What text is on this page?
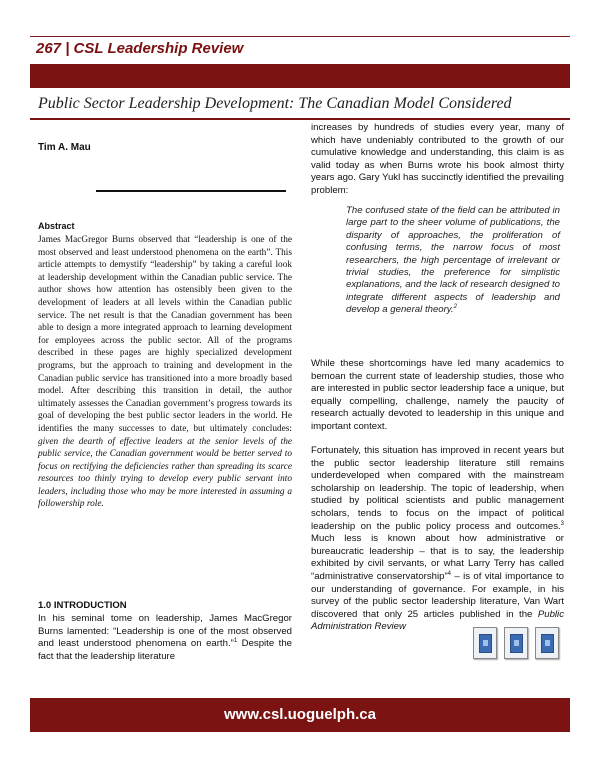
267 | CSL Leadership Review
Public Sector Leadership Development: The Canadian Model Considered
Tim A. Mau
Abstract
James MacGregor Burns observed that “leadership is one of the most observed and least understood phenomena on the earth”. This article attempts to demystify “leadership” by taking a careful look at leadership development within the Canadian public service. The author shows how attention has ostensibly been given to the development of leaders at all levels within the Canadian public service. The net result is that the Canadian government has been able to design a more integrated approach to learning development for employees across the public sector. All of the programs described in these pages are highly specialized development programs, but the approach to training and development in the Canadian public service has transitioned into a more broadly based model. After describing this transition in detail, the author ultimately assesses the Canadian government’s progress towards its goal of developing the best public sector leaders in the world. He identifies the many successes to date, but ultimately concludes: given the dearth of effective leaders at the senior levels of the public service, the Canadian government would be better served to focus on rectifying the deficiencies rather than spreading its scarce resources too thinly trying to develop every public servant into leaders, including those who may be more interested in assuming a followership role.
1.0 INTRODUCTION
In his seminal tome on leadership, James MacGregor Burns lamented: “Leadership is one of the most observed and least understood phenomena on earth.”$^1$ Despite the fact that the leadership literature
increases by hundreds of studies every year, many of which have undeniably contributed to the growth of our cumulative knowledge and understanding, this claim is as valid today as when Burns wrote his book almost thirty years ago. Gary Yukl has succinctly identified the prevailing problem:
The confused state of the field can be attributed in large part to the sheer volume of publications, the disparity of approaches, the proliferation of confusing terms, the narrow focus of most researchers, the high percentage of irrelevant or trivial studies, the preference for simplistic explanations, and the lack of research designed to integrate different aspects of leadership and develop a general theory.$^2$
While these shortcomings have led many academics to bemoan the current state of leadership studies, those who are interested in public sector leadership face a unique, but equally compelling, challenge, namely the paucity of research actually devoted to leadership in this unique and important context.
Fortunately, this situation has improved in recent years but the public sector leadership literature still remains underdeveloped when compared with the mainstream scholarship on leadership. The topic of leadership, when studied by political scientists and public management scholars, tends to focus on the impact of political leadership on the public policy process and outcomes.$^3$ Much less is known about how administrative or bureaucratic leadership – that is to say, the leadership exhibited by civil servants, or what Larry Terry has called “administrative conservatorship”$^4$ – is of vital importance to our understanding of governance. For example, in his survey of the public sector leadership literature, Van Wart discovered that only 25 articles published in the Public Administration Review
www.csl.uoguelph.ca
